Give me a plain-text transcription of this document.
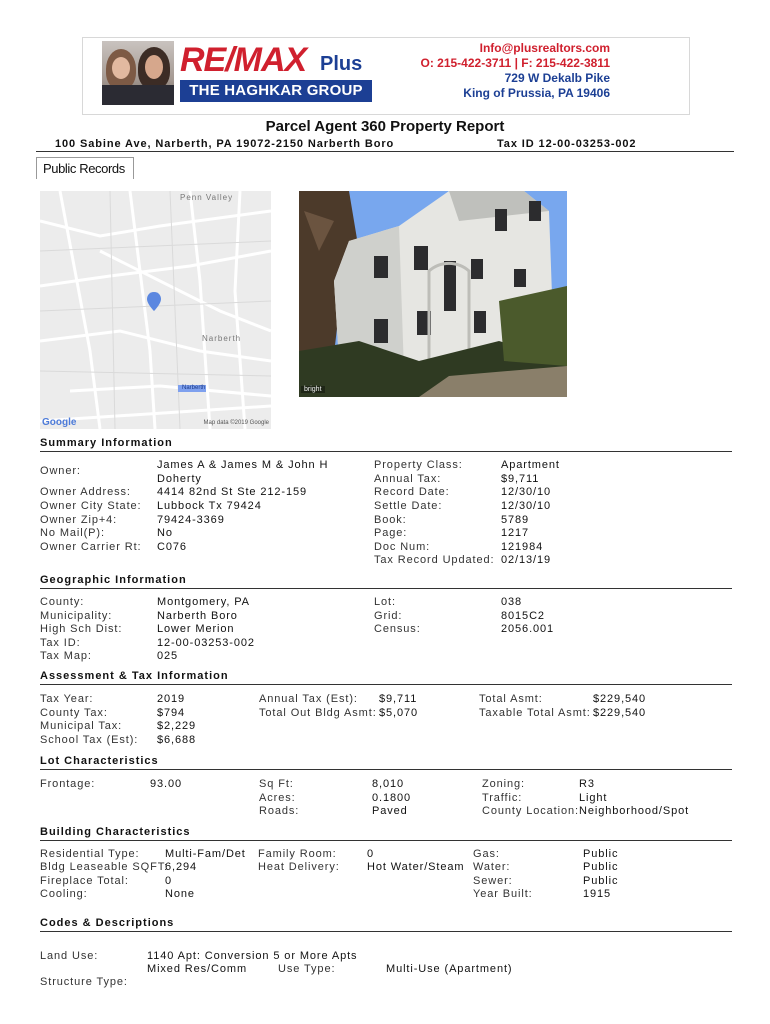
RE/MAX Plus
THE HAGHKAR GROUP
Info@plusrealtors.com
O: 215-422-3711 | F: 215-422-3811
729 W Dekalb Pike
King of Prussia, PA 19406
Parcel Agent 360 Property Report
100 Sabine Ave, Narberth, PA 19072-2150 Narberth Boro	Tax ID 12-00-03253-002
Public Records
Penn Valley
Narberth
Narberth
Google	Map data ©2019 Google
bright
Summary Information
Owner:	James A & James M & John H
Doherty
Owner Address: 4414 82nd St Ste 212-159
Owner City State: Lubbock Tx 79424
Owner Zip+4:	79424-3369
No Mail(P):	No
Owner Carrier Rt: C076
Property Class:	Apartment
Annual Tax:	$9,711
Record Date:	12/30/10
Settle Date:	12/30/10
Book:	5789
Page:	1217
Doc Num:	121984
Tax Record Updated: 02/13/19
Geographic Information
County:	Montgomery, PA
Municipality:	Narberth Boro
High Sch Dist:	Lower Merion
Tax ID:	12-00-03253-002
Tax Map:	025
Lot:	038
Grid:	8015C2
Census:	2056.001
Assessment & Tax Information
Tax Year:	2019
County Tax:	$794
Municipal Tax:	$2,229
School Tax (Est): $6,688
Annual Tax (Est): $9,711
Total Out Bldg Asmt: $5,070
Total Asmt:	$229,540
Taxable Total Asmt: $229,540
Lot Characteristics
Frontage:	93.00	Sq Ft:	8,010
Acres:	0.1800
Roads:	Paved
Zoning:	R3
Traffic:	Light
County Location: Neighborhood/Spot
Building Characteristics
Residential Type: Multi-Fam/Det
Bldg Leaseable SQFT:
6,294
Fireplace Total:	0
Cooling:	None
Family Room:	0
Heat Delivery: Hot Water/Steam
Gas:	Public
Water:	Public
Sewer:	Public
Year Built:	1915
Codes & Descriptions
Land Use:	1140 Apt: Conversion 5 or More Apts
Mixed Res/Comm	Use Type:	Multi-Use (Apartment)
Structure Type:
